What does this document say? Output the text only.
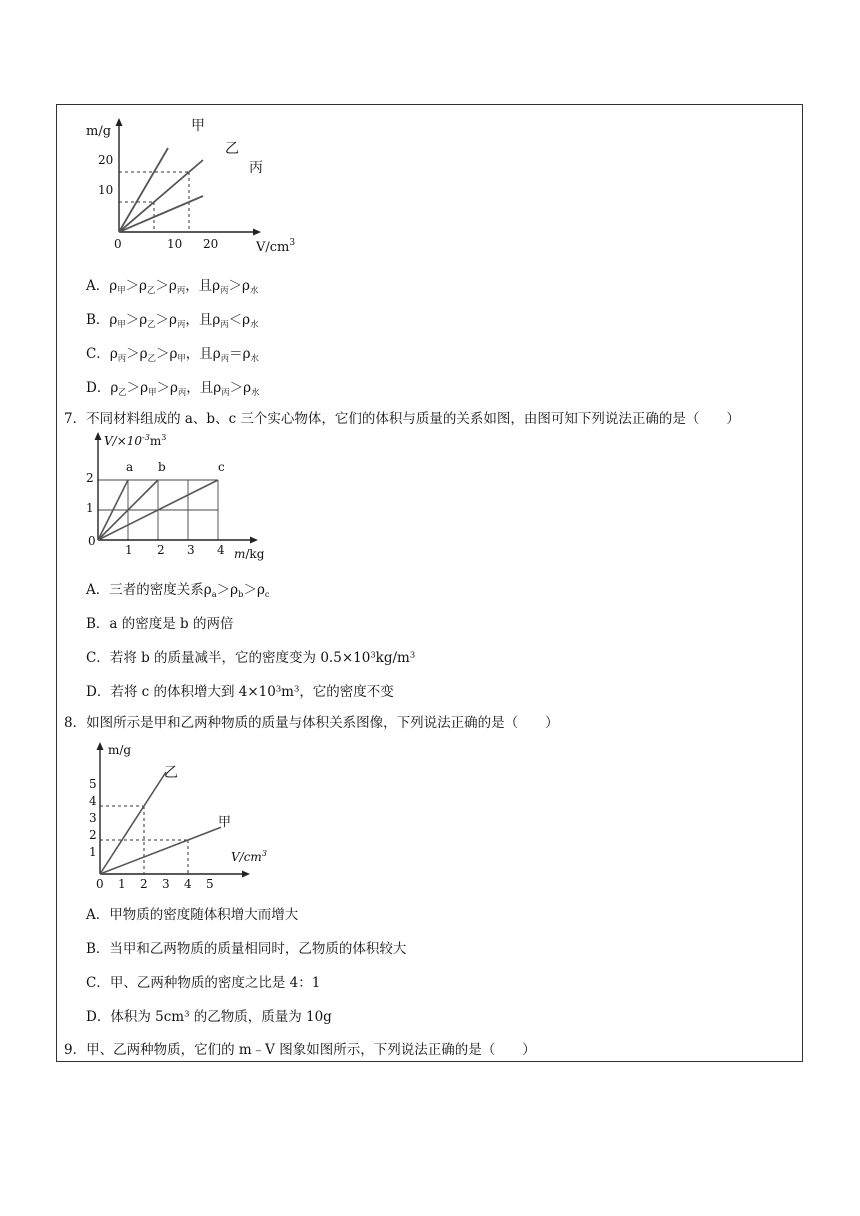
m/g
$V/cm^3$
10
20
0	10 20
甲
乙
丙
A．$\rho_甲>\rho_乙>\rho_丙$，且$\rho_丙>\rho_水$
B．$\rho_甲>\rho_乙>\rho_丙$，且$\rho_丙<\rho_水$
C．$\rho_丙>\rho_乙>\rho_甲$，且$\rho_丙=\rho_水$
D．$\rho_乙>\rho_甲>\rho_丙$，且$\rho_丙>\rho_水$
7．不同材料组成的 a、b、c 三个实心物体，它们的体积与质量的关系如图，由图可知下列说法正确的是（　　）
$V/\times 10^{-3}m^3$
m/kg
1
2
0
1 2 3 4
a b	c
A．三者的密度关系$\rho_a>\rho_b>\rho_c$
B．a 的密度是 b 的两倍
C．若将 b 的质量减半，它的密度变为 $0.5\times 10^3kg/m^3$
D．若将 c 的体积增大到 $4\times 10^3m^3$，它的密度不变
8．如图所示是甲和乙两种物质的质量与体积关系图像，下列说法正确的是（　　）
m/g
$V/cm^3$
1
2
3
4
5
0 1 2 3 4 5
乙
甲
A．甲物质的密度随体积增大而增大
B．当甲和乙两物质的质量相同时，乙物质的体积较大
C．甲、乙两种物质的密度之比是 4：1
D．体积为 $5cm^3$ 的乙物质，质量为 10g
9．甲、乙两种物质，它们的 m﹣V 图象如图所示，下列说法正确的是（　　）
